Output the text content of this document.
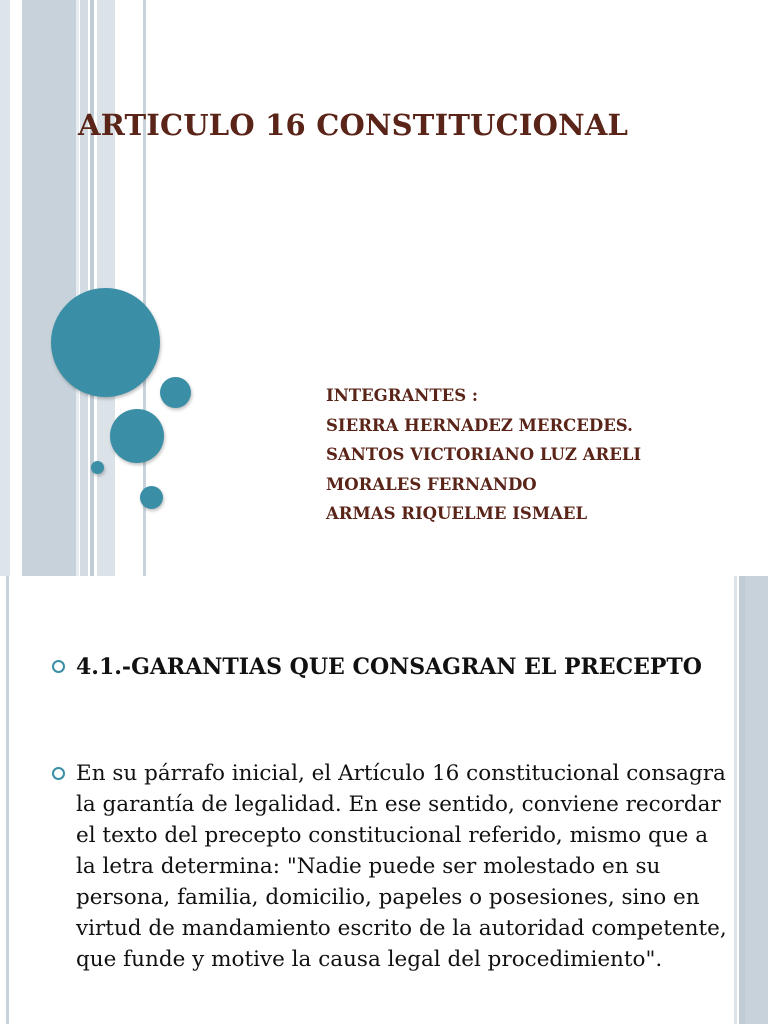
ARTICULO 16 CONSTITUCIONAL
INTEGRANTES :
SIERRA HERNADEZ MERCEDES.
SANTOS VICTORIANO LUZ ARELI
MORALES FERNANDO
ARMAS RIQUELME ISMAEL
4.1.-GARANTIAS QUE CONSAGRAN EL PRECEPTO
En su párrafo inicial, el Artículo 16 constitucional consagra la garantía de legalidad. En ese sentido, conviene recordar el texto del precepto constitucional referido, mismo que a la letra determina: "Nadie puede ser molestado en su persona, familia, domicilio, papeles o posesiones, sino en virtud de mandamiento escrito de la autoridad competente, que funde y motive la causa legal del procedimiento".
